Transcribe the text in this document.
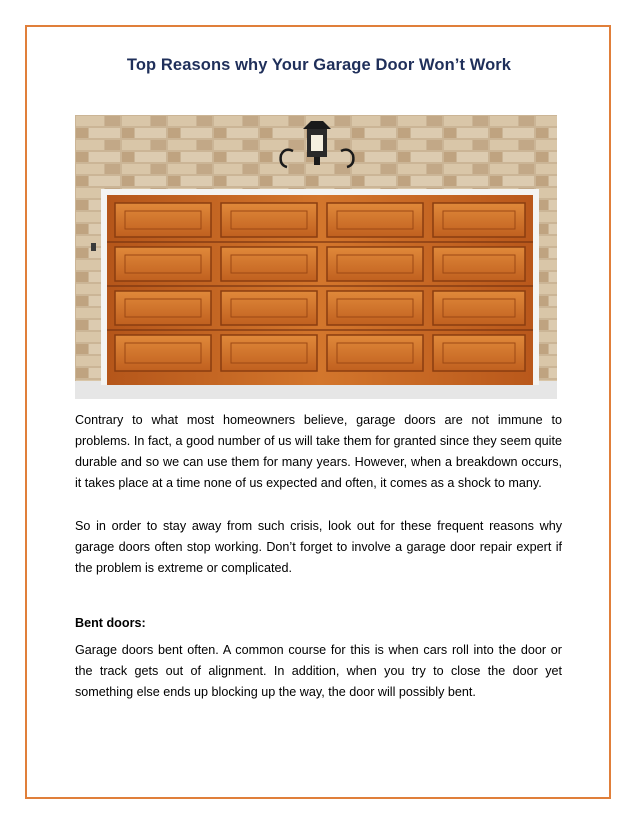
Top Reasons why Your Garage Door Won’t Work

Contrary to what most homeowners believe, garage doors are not immune to problems. In fact, a good number of us will take them for granted since they seem quite durable and so we can use them for many years. However, when a breakdown occurs, it takes place at a time none of us expected and often, it comes as a shock to many.

So in order to stay away from such crisis, look out for these frequent reasons why garage doors often stop working. Don’t forget to involve a garage door repair expert if the problem is extreme or complicated.

Bent doors:

Garage doors bent often. A common course for this is when cars roll into the door or the track gets out of alignment. In addition, when you try to close the door yet something else ends up blocking up the way, the door will possibly bent.
